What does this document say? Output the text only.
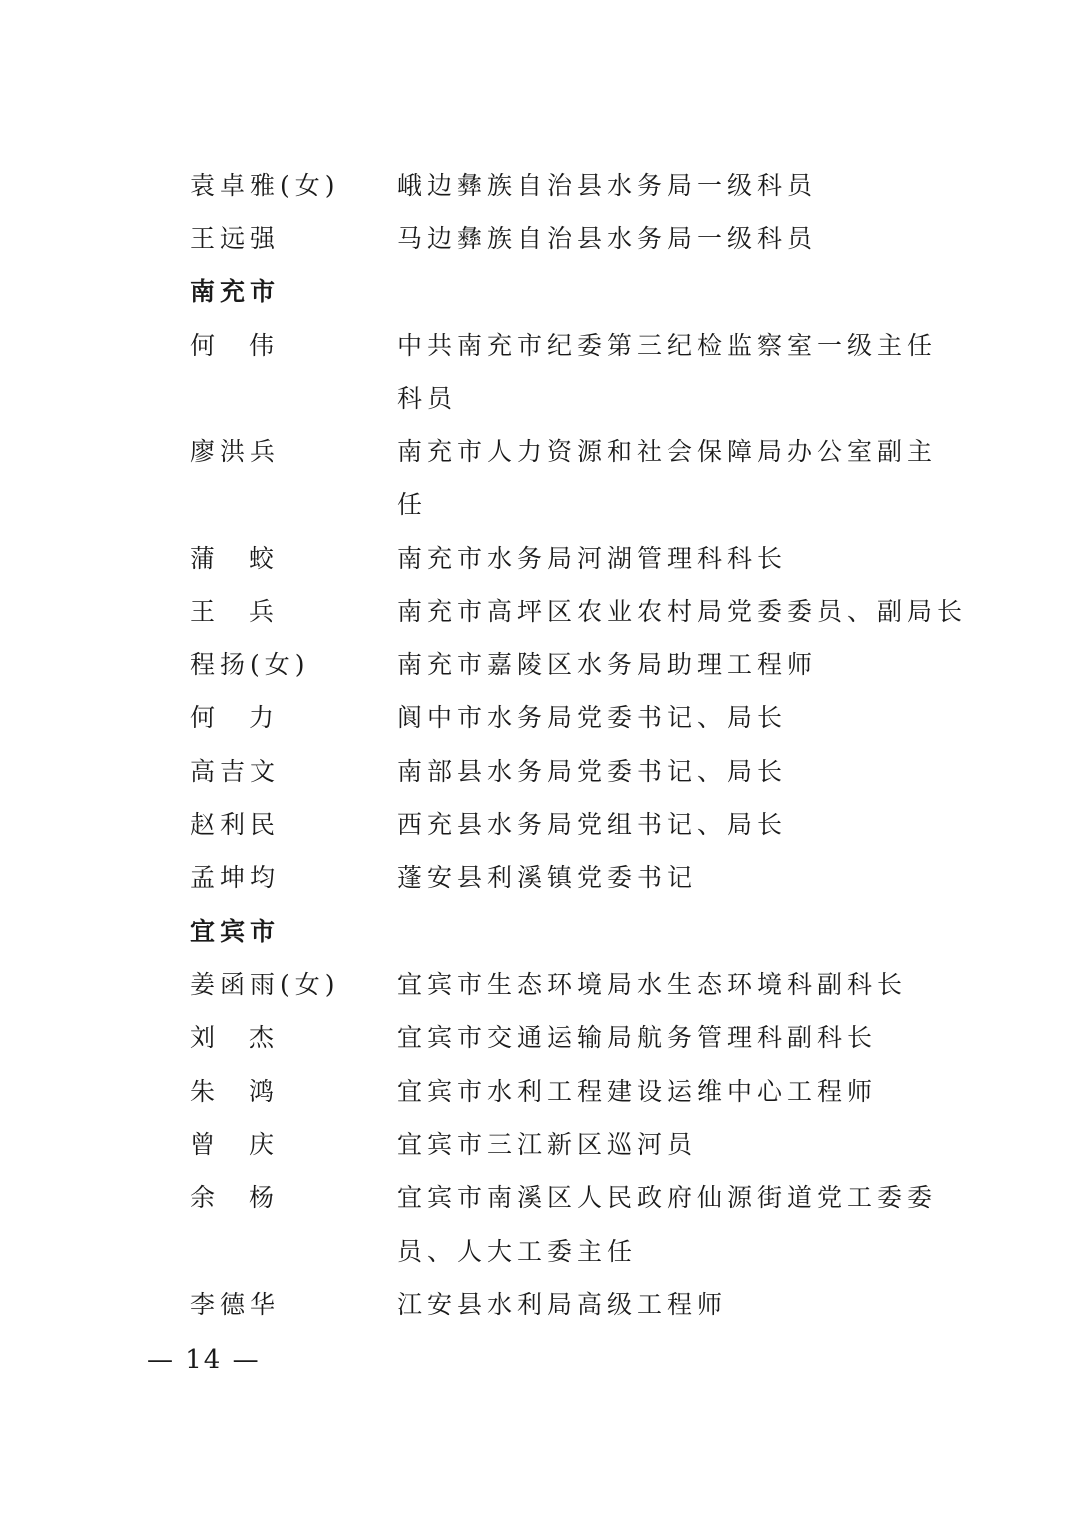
袁卓雅(女)	峨边彝族自治县水务局一级科员
王远强	马边彝族自治县水务局一级科员
南充市
何伟	中共南充市纪委第三纪检监察室一级主任
科员
廖洪兵	南充市人力资源和社会保障局办公室副主
任
蒲蛟	南充市水务局河湖管理科科长
王兵	南充市高坪区农业农村局党委委员、副局长
程扬(女)	南充市嘉陵区水务局助理工程师
何力	阆中市水务局党委书记、局长
高吉文	南部县水务局党委书记、局长
赵利民	西充县水务局党组书记、局长
孟坤均	蓬安县利溪镇党委书记
宜宾市
姜函雨(女)	宜宾市生态环境局水生态环境科副科长
刘杰	宜宾市交通运输局航务管理科副科长
朱鸿	宜宾市水利工程建设运维中心工程师
曾庆	宜宾市三江新区巡河员
余杨	宜宾市南溪区人民政府仙源街道党工委委
员、人大工委主任
李德华	江安县水利局高级工程师
— 14 —
